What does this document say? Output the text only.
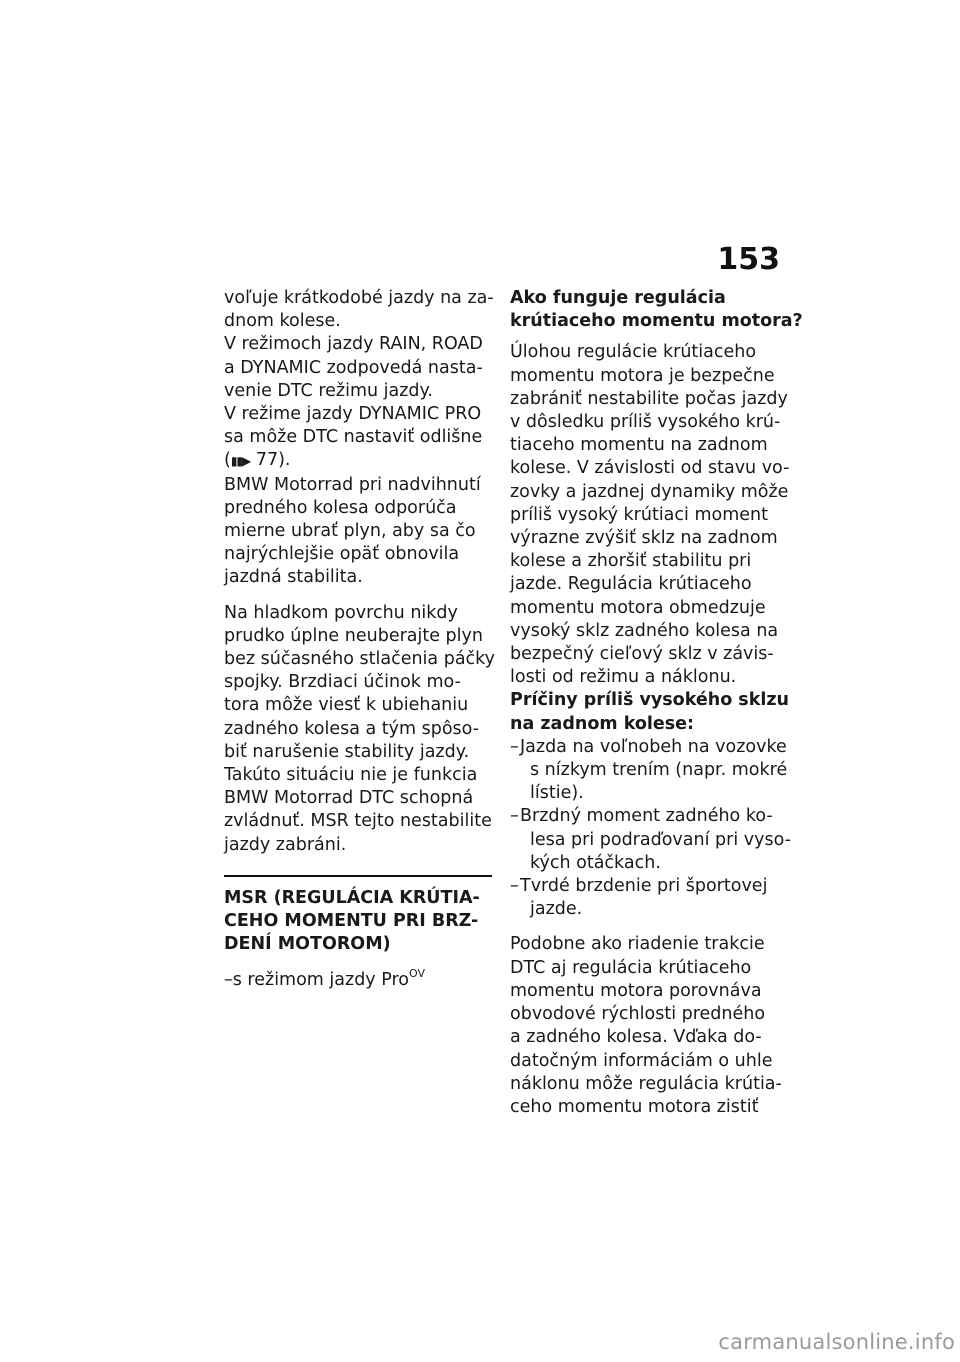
153
voľuje krátkodobé jazdy na za-
dnom kolese.
V režimoch jazdy RAIN, ROAD
a DYNAMIC zodpovedá nasta-
venie DTC režimu jazdy.
V režime jazdy DYNAMIC PRO
sa môže DTC nastaviť odlišne
(▮▮▶ 77).
BMW Motorrad pri nadvihnutí
predného kolesa odporúča
mierne ubrať plyn, aby sa čo
najrýchlejšie opäť obnovila
jazdná stabilita.
Na hladkom povrchu nikdy
prudko úplne neuberajte plyn
bez súčasného stlačenia páčky
spojky. Brzdiaci účinok mo-
tora môže viesť k ubiehaniu
zadného kolesa a tým spôso-
biť narušenie stability jazdy.
Takúto situáciu nie je funkcia
BMW Motorrad DTC schopná
zvládnuť. MSR tejto nestabilite
jazdy zabráni.
MSR (REGULÁCIA KRÚTIA-
CEHO MOMENTU PRI BRZ-
DENÍ MOTOROM)
–s režimom jazdy Pro$^{OV}$
Ako funguje regulácia
krútiaceho momentu motora?
Úlohou regulácie krútiaceho
momentu motora je bezpečne
zabrániť nestabilite počas jazdy
v dôsledku príliš vysokého krú-
tiaceho momentu na zadnom
kolese. V závislosti od stavu vo-
zovky a jazdnej dynamiky môže
príliš vysoký krútiaci moment
výrazne zvýšiť sklz na zadnom
kolese a zhoršiť stabilitu pri
jazde. Regulácia krútiaceho
momentu motora obmedzuje
vysoký sklz zadného kolesa na
bezpečný cieľový sklz v závis-
losti od režimu a náklonu.
Príčiny príliš vysokého sklzu
na zadnom kolese:
– Jazda na voľnobeh na vozovke
s nízkym trením (napr. mokré
lístie).
– Brzdný moment zadného ko-
lesa pri podraďovaní pri vyso-
kých otáčkach.
– Tvrdé brzdenie pri športovej
jazde.
Podobne ako riadenie trakcie
DTC aj regulácia krútiaceho
momentu motora porovnáva
obvodové rýchlosti predného
a zadného kolesa. Vďaka do-
datočným informáciám o uhle
náklonu môže regulácia krútia-
ceho momentu motora zistiť
carmanualsonline.info
